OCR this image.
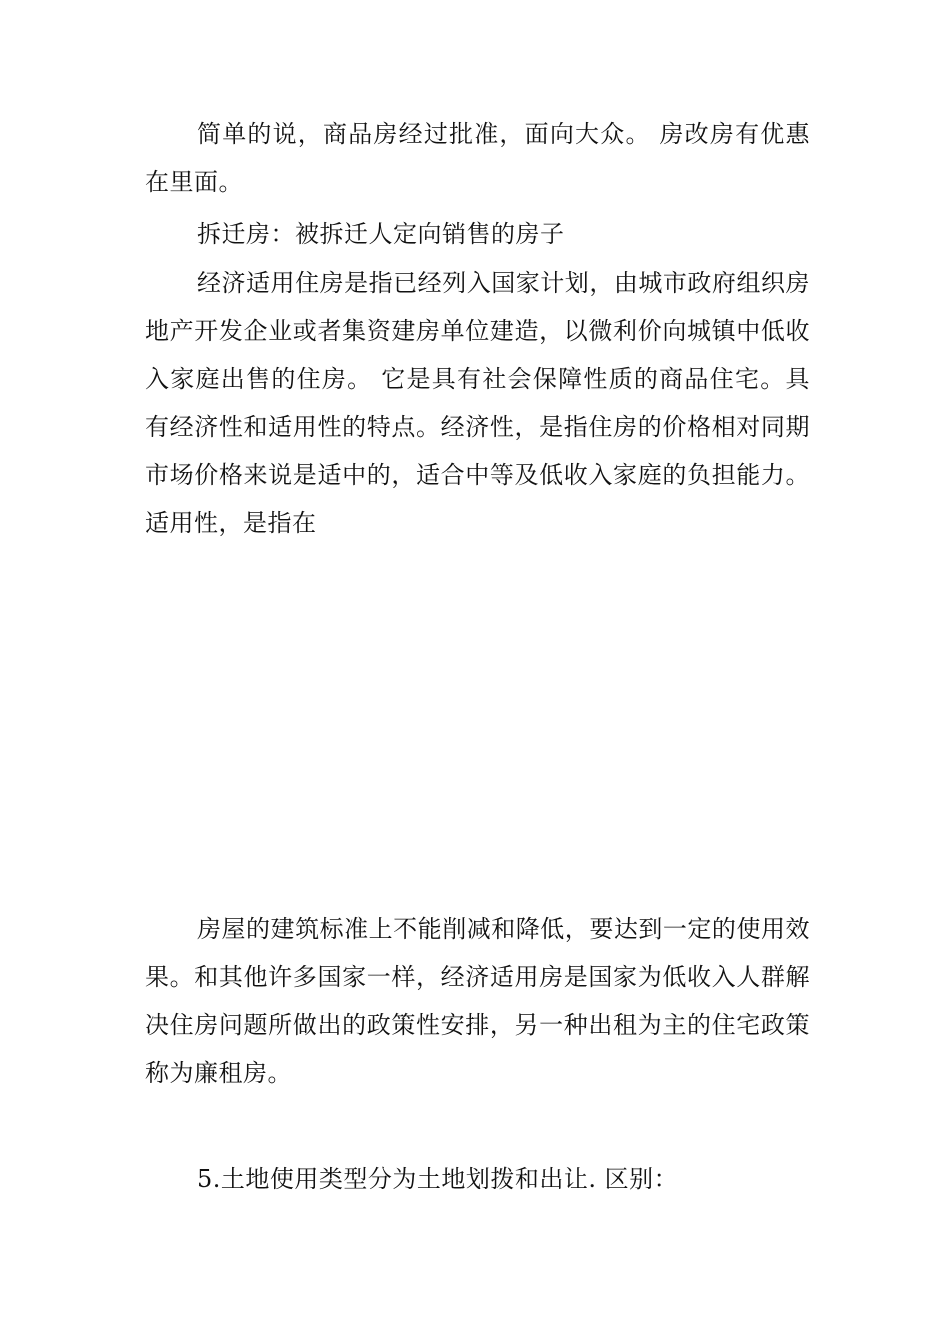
简单的说，商品房经过批准，面向大众。 房改房有优惠在里面。

拆迁房：被拆迁人定向销售的房子

经济适用住房是指已经列入国家计划，由城市政府组织房地产开发企业或者集资建房单位建造，以微利价向城镇中低收入家庭出售的住房。 它是具有社会保障性质的商品住宅。具有经济性和适用性的特点。经济性，是指住房的价格相对同期市场价格来说是适中的，适合中等及低收入家庭的负担能力。适用性，是指在

房屋的建筑标准上不能削减和降低，要达到一定的使用效果。和其他许多国家一样，经济适用房是国家为低收入人群解决住房问题所做出的政策性安排，另一种出租为主的住宅政策称为廉租房。

5.土地使用类型分为土地划拨和出让. 区别：
